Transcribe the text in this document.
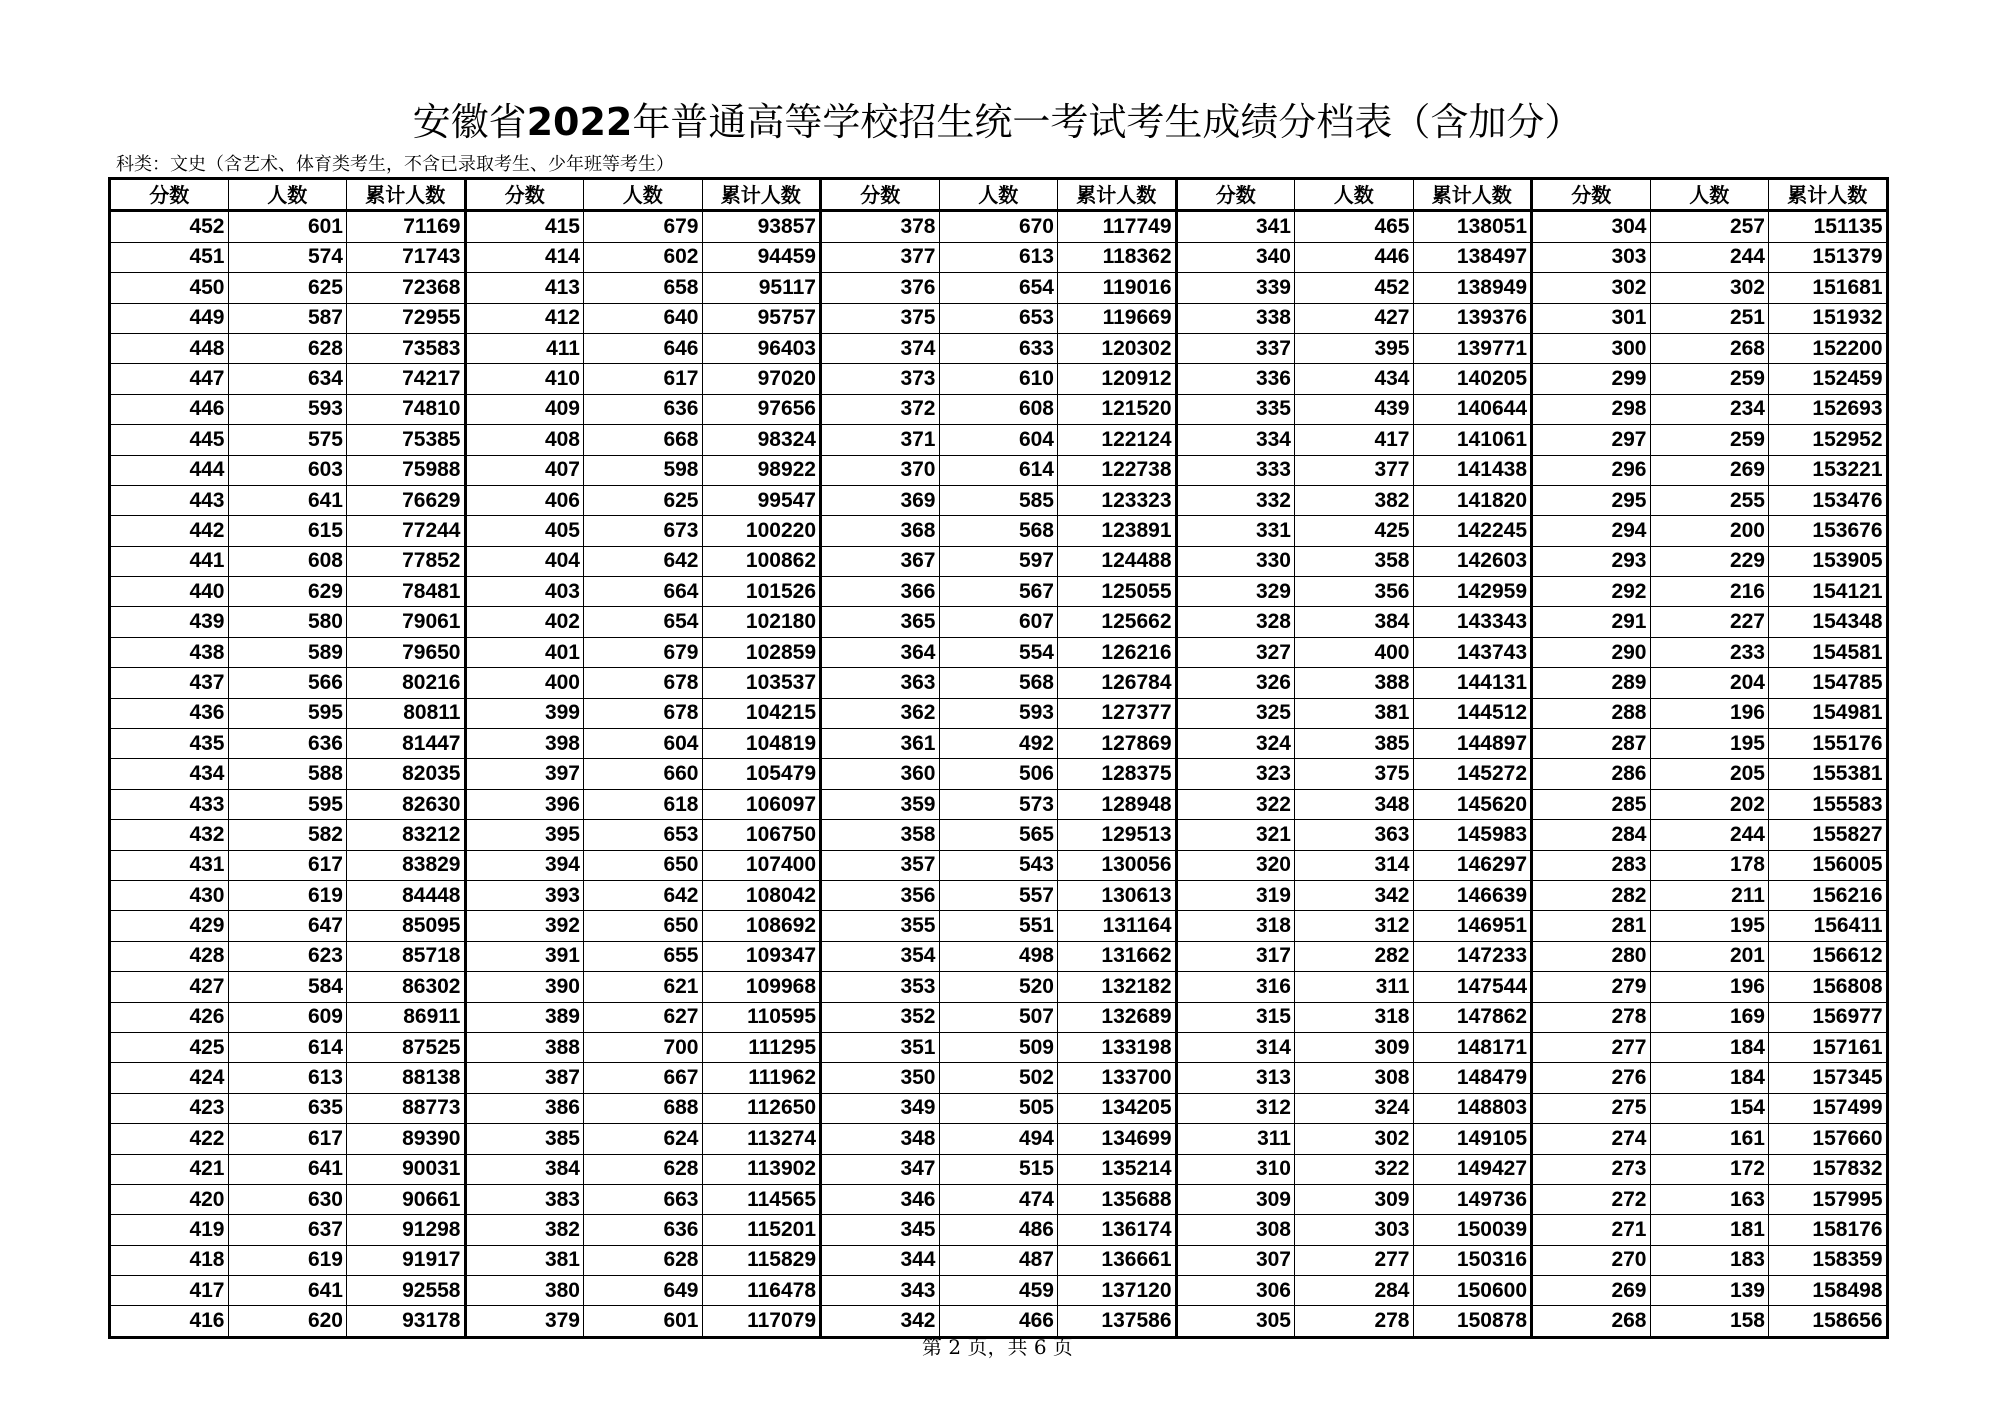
安徽省2022年普通高等学校招生统一考试考生成绩分档表（含加分）
科类：文史（含艺术、体育类考生，不含已录取考生、少年班等考生）
分数	人数	累计人数	分数	人数	累计人数	分数	人数	累计人数	分数	人数	累计人数	分数	人数	累计人数
452	601	71169	415	679	93857	378	670	117749	341	465	138051	304	257	151135
451	574	71743	414	602	94459	377	613	118362	340	446	138497	303	244	151379
450	625	72368	413	658	95117	376	654	119016	339	452	138949	302	302	151681
449	587	72955	412	640	95757	375	653	119669	338	427	139376	301	251	151932
448	628	73583	411	646	96403	374	633	120302	337	395	139771	300	268	152200
447	634	74217	410	617	97020	373	610	120912	336	434	140205	299	259	152459
446	593	74810	409	636	97656	372	608	121520	335	439	140644	298	234	152693
445	575	75385	408	668	98324	371	604	122124	334	417	141061	297	259	152952
444	603	75988	407	598	98922	370	614	122738	333	377	141438	296	269	153221
443	641	76629	406	625	99547	369	585	123323	332	382	141820	295	255	153476
442	615	77244	405	673	100220	368	568	123891	331	425	142245	294	200	153676
441	608	77852	404	642	100862	367	597	124488	330	358	142603	293	229	153905
440	629	78481	403	664	101526	366	567	125055	329	356	142959	292	216	154121
439	580	79061	402	654	102180	365	607	125662	328	384	143343	291	227	154348
438	589	79650	401	679	102859	364	554	126216	327	400	143743	290	233	154581
437	566	80216	400	678	103537	363	568	126784	326	388	144131	289	204	154785
436	595	80811	399	678	104215	362	593	127377	325	381	144512	288	196	154981
435	636	81447	398	604	104819	361	492	127869	324	385	144897	287	195	155176
434	588	82035	397	660	105479	360	506	128375	323	375	145272	286	205	155381
433	595	82630	396	618	106097	359	573	128948	322	348	145620	285	202	155583
432	582	83212	395	653	106750	358	565	129513	321	363	145983	284	244	155827
431	617	83829	394	650	107400	357	543	130056	320	314	146297	283	178	156005
430	619	84448	393	642	108042	356	557	130613	319	342	146639	282	211	156216
429	647	85095	392	650	108692	355	551	131164	318	312	146951	281	195	156411
428	623	85718	391	655	109347	354	498	131662	317	282	147233	280	201	156612
427	584	86302	390	621	109968	353	520	132182	316	311	147544	279	196	156808
426	609	86911	389	627	110595	352	507	132689	315	318	147862	278	169	156977
425	614	87525	388	700	111295	351	509	133198	314	309	148171	277	184	157161
424	613	88138	387	667	111962	350	502	133700	313	308	148479	276	184	157345
423	635	88773	386	688	112650	349	505	134205	312	324	148803	275	154	157499
422	617	89390	385	624	113274	348	494	134699	311	302	149105	274	161	157660
421	641	90031	384	628	113902	347	515	135214	310	322	149427	273	172	157832
420	630	90661	383	663	114565	346	474	135688	309	309	149736	272	163	157995
419	637	91298	382	636	115201	345	486	136174	308	303	150039	271	181	158176
418	619	91917	381	628	115829	344	487	136661	307	277	150316	270	183	158359
417	641	92558	380	649	116478	343	459	137120	306	284	150600	269	139	158498
416	620	93178	379	601	117079	342	466	137586	305	278	150878	268	158	158656
第 2 页，共 6 页
